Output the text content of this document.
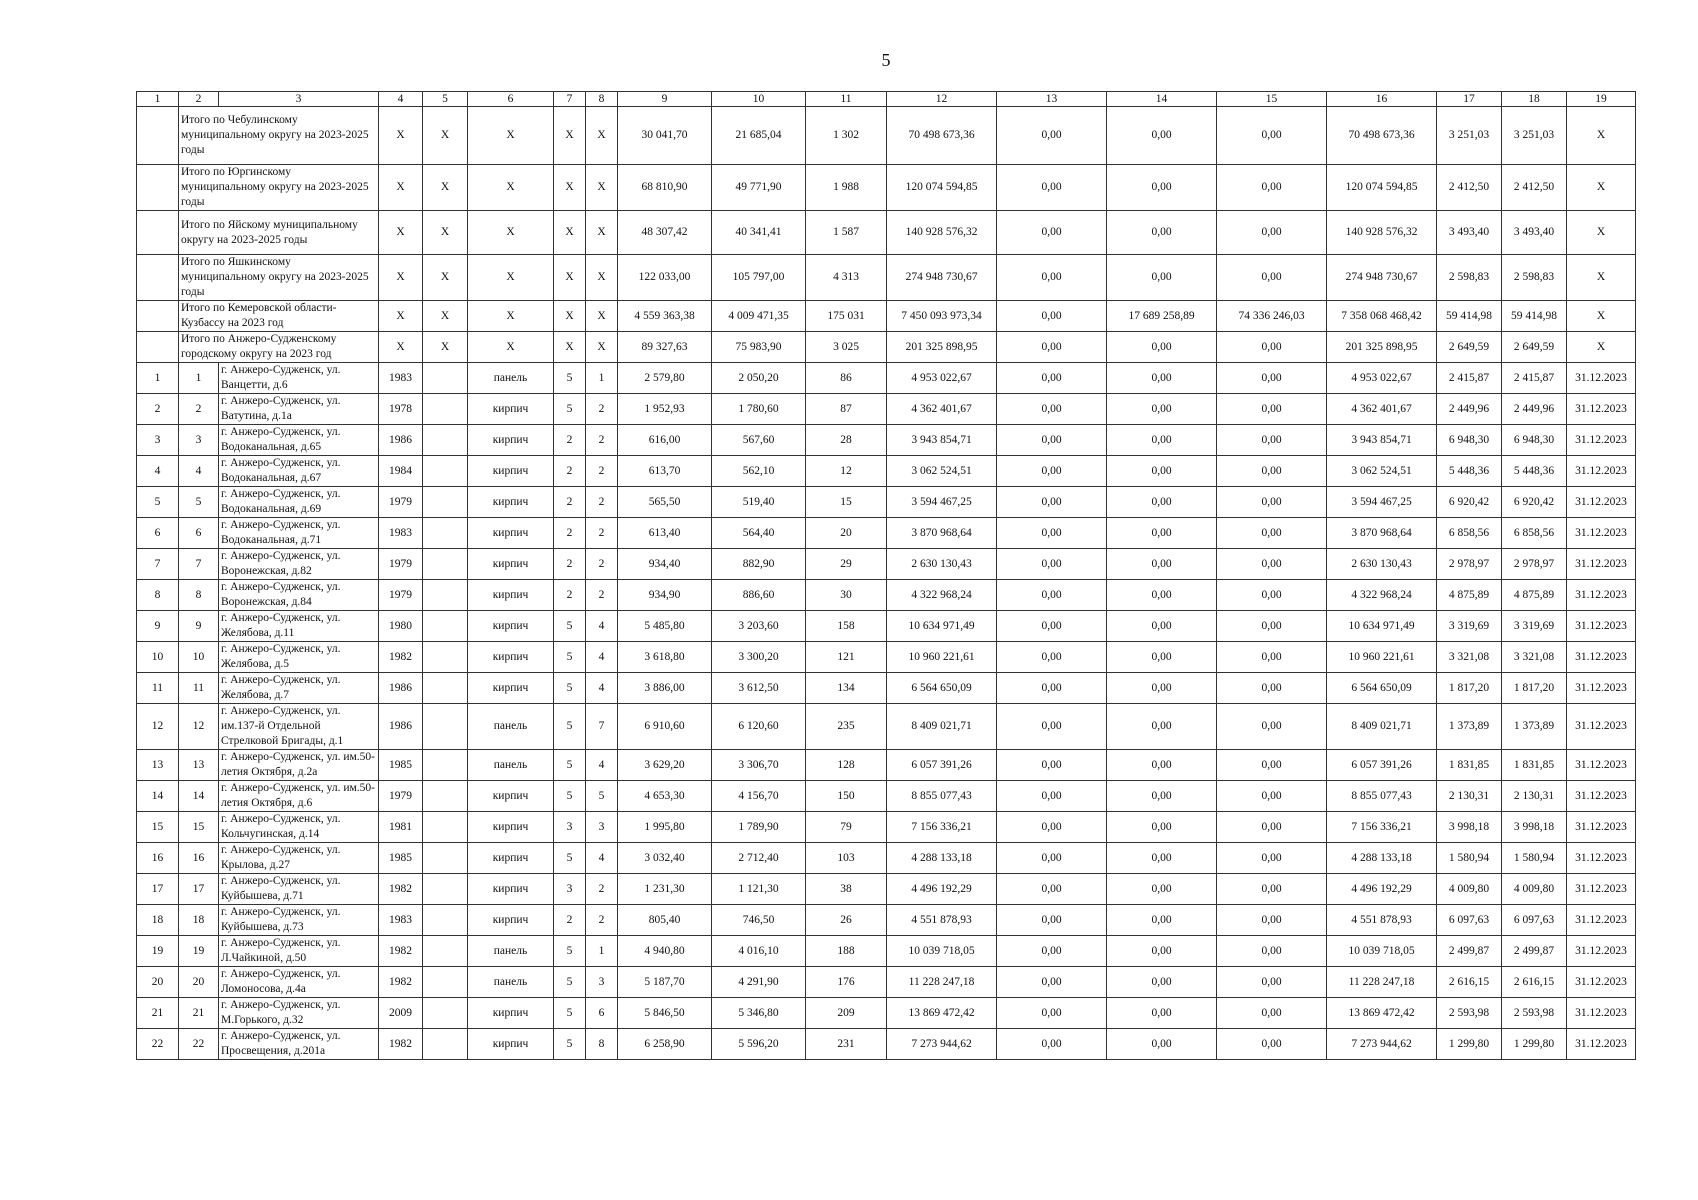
5
1	2	3	4	5	6	7	8	9	10	11	12	13	14	15	16	17	18	19
	Итого по Чебулинскому муниципальному округу на 2023-2025 годы		Х	Х	Х	Х	Х	30 041,70	21 685,04	1 302	70 498 673,36	0,00	0,00	0,00	70 498 673,36	3 251,03	3 251,03	Х
	Итого по Юргинскому муниципальному округу на 2023-2025 годы		Х	Х	Х	Х	Х	68 810,90	49 771,90	1 988	120 074 594,85	0,00	0,00	0,00	120 074 594,85	2 412,50	2 412,50	Х
	Итого по Яйскому муниципальному округу на 2023-2025 годы		Х	Х	Х	Х	Х	48 307,42	40 341,41	1 587	140 928 576,32	0,00	0,00	0,00	140 928 576,32	3 493,40	3 493,40	Х
	Итого по Яшкинскому муниципальному округу на 2023-2025 годы		Х	Х	Х	Х	Х	122 033,00	105 797,00	4 313	274 948 730,67	0,00	0,00	0,00	274 948 730,67	2 598,83	2 598,83	Х
	Итого по Кемеровской области-Кузбассу на 2023 год		Х	Х	Х	Х	Х	4 559 363,38	4 009 471,35	175 031	7 450 093 973,34	0,00	17 689 258,89	74 336 246,03	7 358 068 468,42	59 414,98	59 414,98	Х
	Итого по Анжеро-Судженскому городскому округу на 2023 год		Х	Х	Х	Х	Х	89 327,63	75 983,90	3 025	201 325 898,95	0,00	0,00	0,00	201 325 898,95	2 649,59	2 649,59	Х
1	1	г. Анжеро-Судженск, ул. Ванцетти, д.6	1983		панель	5	1	2 579,80	2 050,20	86	4 953 022,67	0,00	0,00	0,00	4 953 022,67	2 415,87	2 415,87	31.12.2023
2	2	г. Анжеро-Судженск, ул. Ватутина, д.1а	1978		кирпич	5	2	1 952,93	1 780,60	87	4 362 401,67	0,00	0,00	0,00	4 362 401,67	2 449,96	2 449,96	31.12.2023
3	3	г. Анжеро-Судженск, ул. Водоканальная, д.65	1986		кирпич	2	2	616,00	567,60	28	3 943 854,71	0,00	0,00	0,00	3 943 854,71	6 948,30	6 948,30	31.12.2023
4	4	г. Анжеро-Судженск, ул. Водоканальная, д.67	1984		кирпич	2	2	613,70	562,10	12	3 062 524,51	0,00	0,00	0,00	3 062 524,51	5 448,36	5 448,36	31.12.2023
5	5	г. Анжеро-Судженск, ул. Водоканальная, д.69	1979		кирпич	2	2	565,50	519,40	15	3 594 467,25	0,00	0,00	0,00	3 594 467,25	6 920,42	6 920,42	31.12.2023
6	6	г. Анжеро-Судженск, ул. Водоканальная, д.71	1983		кирпич	2	2	613,40	564,40	20	3 870 968,64	0,00	0,00	0,00	3 870 968,64	6 858,56	6 858,56	31.12.2023
7	7	г. Анжеро-Судженск, ул. Воронежская, д.82	1979		кирпич	2	2	934,40	882,90	29	2 630 130,43	0,00	0,00	0,00	2 630 130,43	2 978,97	2 978,97	31.12.2023
8	8	г. Анжеро-Судженск, ул. Воронежская, д.84	1979		кирпич	2	2	934,90	886,60	30	4 322 968,24	0,00	0,00	0,00	4 322 968,24	4 875,89	4 875,89	31.12.2023
9	9	г. Анжеро-Судженск, ул. Желябова, д.11	1980		кирпич	5	4	5 485,80	3 203,60	158	10 634 971,49	0,00	0,00	0,00	10 634 971,49	3 319,69	3 319,69	31.12.2023
10	10	г. Анжеро-Судженск, ул. Желябова, д.5	1982		кирпич	5	4	3 618,80	3 300,20	121	10 960 221,61	0,00	0,00	0,00	10 960 221,61	3 321,08	3 321,08	31.12.2023
11	11	г. Анжеро-Судженск, ул. Желябова, д.7	1986		кирпич	5	4	3 886,00	3 612,50	134	6 564 650,09	0,00	0,00	0,00	6 564 650,09	1 817,20	1 817,20	31.12.2023
12	12	г. Анжеро-Судженск, ул. им.137-й Отдельной Стрелковой Бригады, д.1	1986		панель	5	7	6 910,60	6 120,60	235	8 409 021,71	0,00	0,00	0,00	8 409 021,71	1 373,89	1 373,89	31.12.2023
13	13	г. Анжеро-Судженск, ул. им.50-летия Октября, д.2а	1985		панель	5	4	3 629,20	3 306,70	128	6 057 391,26	0,00	0,00	0,00	6 057 391,26	1 831,85	1 831,85	31.12.2023
14	14	г. Анжеро-Судженск, ул. им.50-летия Октября, д.6	1979		кирпич	5	5	4 653,30	4 156,70	150	8 855 077,43	0,00	0,00	0,00	8 855 077,43	2 130,31	2 130,31	31.12.2023
15	15	г. Анжеро-Судженск, ул. Кольчугинская, д.14	1981		кирпич	3	3	1 995,80	1 789,90	79	7 156 336,21	0,00	0,00	0,00	7 156 336,21	3 998,18	3 998,18	31.12.2023
16	16	г. Анжеро-Судженск, ул. Крылова, д.27	1985		кирпич	5	4	3 032,40	2 712,40	103	4 288 133,18	0,00	0,00	0,00	4 288 133,18	1 580,94	1 580,94	31.12.2023
17	17	г. Анжеро-Судженск, ул. Куйбышева, д.71	1982		кирпич	3	2	1 231,30	1 121,30	38	4 496 192,29	0,00	0,00	0,00	4 496 192,29	4 009,80	4 009,80	31.12.2023
18	18	г. Анжеро-Судженск, ул. Куйбышева, д.73	1983		кирпич	2	2	805,40	746,50	26	4 551 878,93	0,00	0,00	0,00	4 551 878,93	6 097,63	6 097,63	31.12.2023
19	19	г. Анжеро-Судженск, ул. Л.Чайкиной, д.50	1982		панель	5	1	4 940,80	4 016,10	188	10 039 718,05	0,00	0,00	0,00	10 039 718,05	2 499,87	2 499,87	31.12.2023
20	20	г. Анжеро-Судженск, ул. Ломоносова, д.4а	1982		панель	5	3	5 187,70	4 291,90	176	11 228 247,18	0,00	0,00	0,00	11 228 247,18	2 616,15	2 616,15	31.12.2023
21	21	г. Анжеро-Судженск, ул. М.Горького, д.32	2009		кирпич	5	6	5 846,50	5 346,80	209	13 869 472,42	0,00	0,00	0,00	13 869 472,42	2 593,98	2 593,98	31.12.2023
22	22	г. Анжеро-Судженск, ул. Просвещения, д.201а	1982		кирпич	5	8	6 258,90	5 596,20	231	7 273 944,62	0,00	0,00	0,00	7 273 944,62	1 299,80	1 299,80	31.12.2023
